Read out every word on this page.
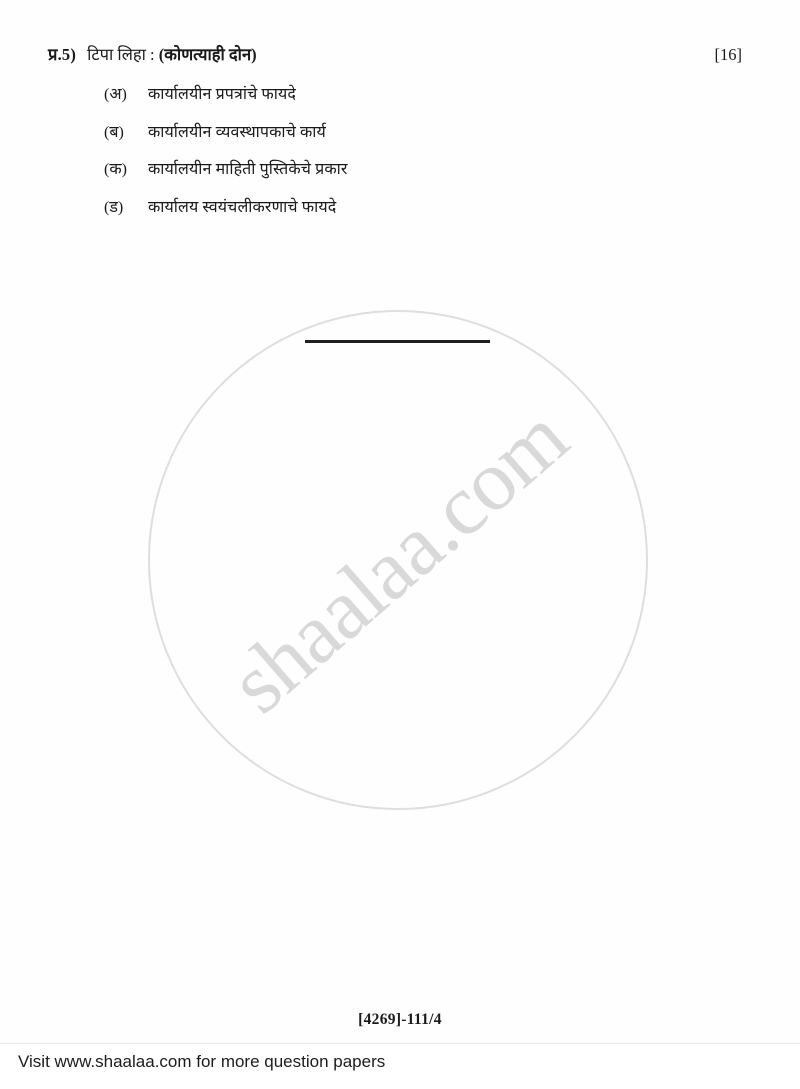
प्र.5) टिपा लिहा : (कोणत्याही दोन)	[16]
(अ)	कार्यालयीन प्रपत्रांचे फायदे
(ब)	कार्यालयीन व्यवस्थापकाचे कार्य
(क)	कार्यालयीन माहिती पुस्तिकेचे प्रकार
(ड)	कार्यालय स्वयंचलीकरणाचे फायदे
shaalaa.com
[4269]-111/4
Visit www.shaalaa.com for more question papers
